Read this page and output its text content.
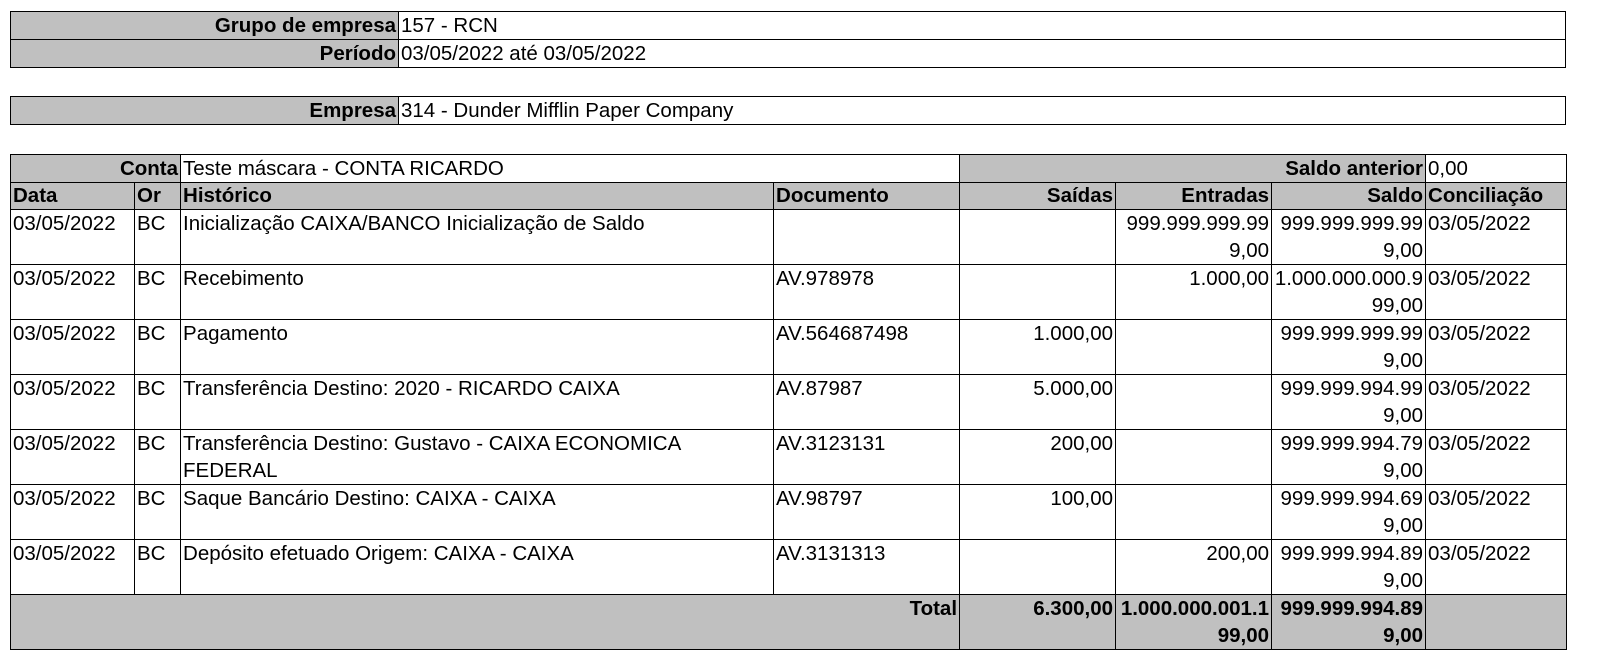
Grupo de empresa	157 - RCN
Período	03/05/2022 até 03/05/2022
Empresa	314 - Dunder Mifflin Paper Company
Conta		Teste máscara - CONTA RICARDO		Saldo anterior			0,00
Data	Or	Histórico	Documento	Saídas	Entradas	Saldo	Conciliação
03/05/2022	BC	Inicialização CAIXA/BANCO Inicialização de Saldo			999.999.999.999,00	999.999.999.999,00	03/05/2022
03/05/2022	BC	Recebimento	AV.978978		1.000,00	1.000.000.000.999,00	03/05/2022
03/05/2022	BC	Pagamento	AV.564687498	1.000,00		999.999.999.999,00	03/05/2022
03/05/2022	BC	Transferência Destino: 2020 - RICARDO CAIXA	AV.87987	5.000,00		999.999.994.999,00	03/05/2022
03/05/2022	BC	Transferência Destino: Gustavo - CAIXA ECONOMICA FEDERAL	AV.3123131	200,00		999.999.994.799,00	03/05/2022
03/05/2022	BC	Saque Bancário Destino: CAIXA - CAIXA	AV.98797	100,00		999.999.994.699,00	03/05/2022
03/05/2022	BC	Depósito efetuado Origem: CAIXA - CAIXA	AV.3131313		200,00	999.999.994.899,00	03/05/2022
Total				6.300,00	1.000.000.001.199,00	999.999.994.899,00	
